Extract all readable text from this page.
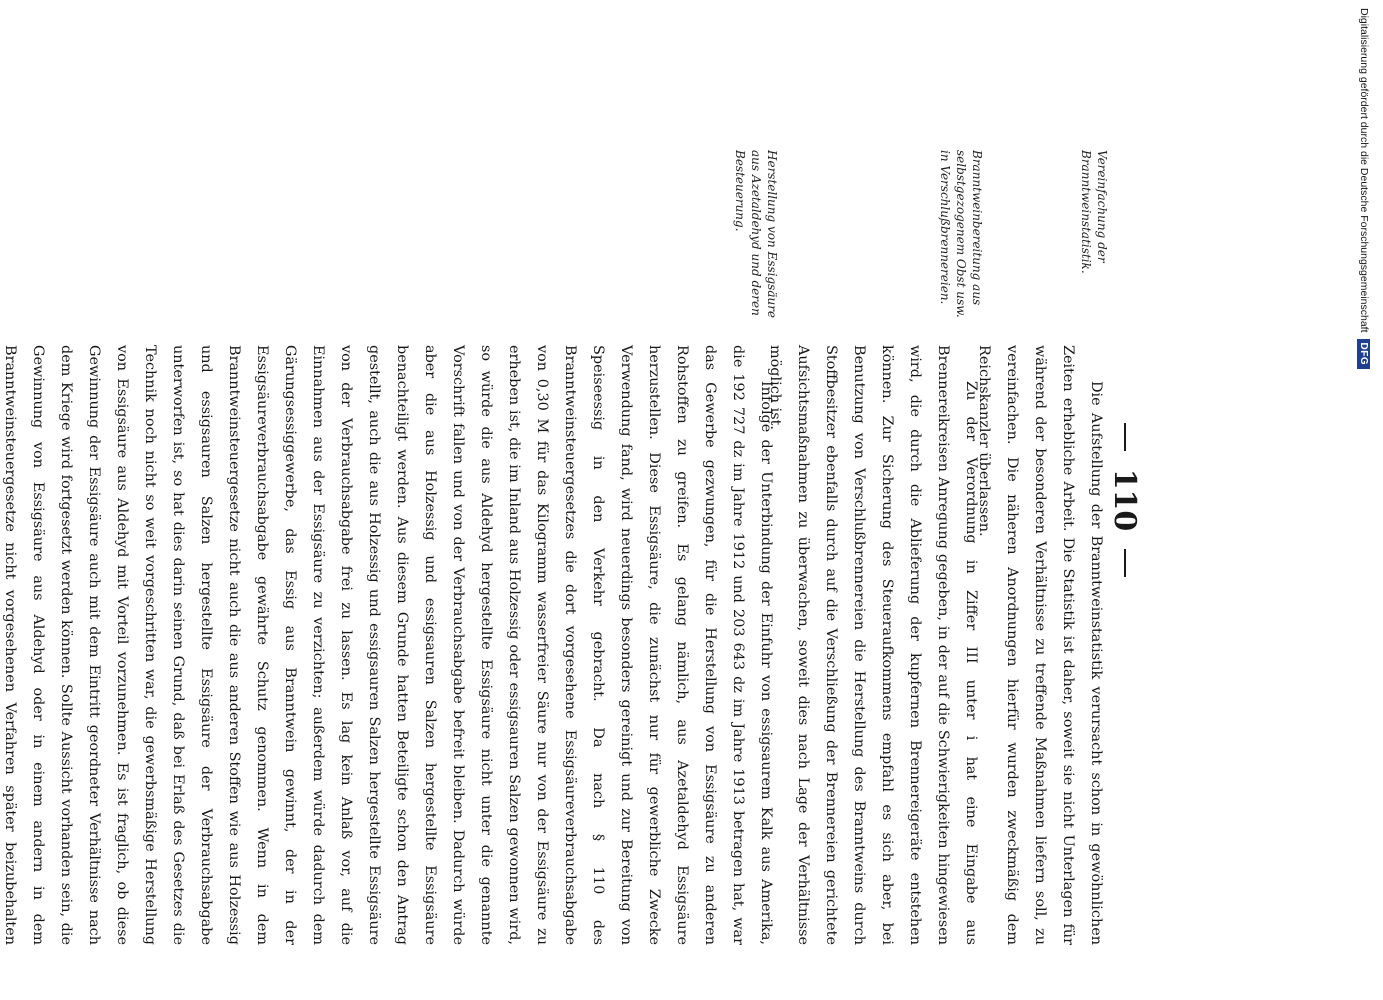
110
Vereinfachung der Branntweinstatistik.
Die Aufstellung der Branntweinstatistik verursacht schon in gewöhnlichen Zeiten erhebliche Arbeit. Die Statistik ist daher, soweit sie nicht Unterlagen für während der besonderen Verhältnisse zu treffende Maßnahmen liefern soll, zu vereinfachen. Die näheren Anordnungen hierfür wurden zweckmäßig dem Reichskanzler überlassen.
Branntweinbereitung aus selbstgezogenem Obst usw. in Verschlußbrennereien.
Zu der Verordnung in Ziffer III unter i hat eine Eingabe aus Brennereikreisen Anregung gegeben, in der auf die Schwierigkeiten hingewiesen wird, die durch die Ablieferung der kupfernen Brennereigeräte entstehen können. Zur Sicherung des Steueraufkommens empfahl es sich aber, bei Benutzung von Verschlußbrennereien die Herstellung des Branntweins durch Stoffbesitzer ebenfalls durch auf die Verschließung der Brennereien gerichtete Aufsichtsmaßnahmen zu überwachen, soweit dies nach Lage der Verhältnisse möglich ist.
Herstellung von Essigsäure aus Azetaldehyd und deren Besteuerung.
Infolge der Unterbindung der Einfuhr von essigsaurem Kalk aus Amerika, die 192 727 dz im Jahre 1912 und 203 643 dz im Jahre 1913 betragen hat, war das Gewerbe gezwungen, für die Herstellung von Essigsäure zu anderen Rohstoffen zu greifen. Es gelang nämlich, aus Azetaldehyd Essigsäure herzustellen. Diese Essigsäure, die zunächst nur für gewerbliche Zwecke Verwendung fand, wird neuerdings besonders gereinigt und zur Bereitung von Speiseessig in den Verkehr gebracht. Da nach § 110 des Branntweinsteuergesetzes die dort vorgesehene Essigsäureverbrauchsabgabe von 0,30 M für das Kilogramm wasserfreier Säure nur von der Essigsäure zu erheben ist, die im Inland aus Holzessig oder essigsauren Salzen gewonnen wird, so würde die aus Aldehyd hergestellte Essigsäure nicht unter die genannte Vorschrift fallen und von der Verbrauchsabgabe befreit bleiben. Dadurch würde aber die aus Holzessig und essigsauren Salzen hergestellte Essigsäure benachteiligt werden. Aus diesem Grunde hatten Beteiligte schon den Antrag gestellt, auch die aus Holzessig und essigsauren Salzen hergestellte Essigsäure von der Verbrauchsabgabe frei zu lassen. Es lag kein Anlaß vor, auf die Einnahmen aus der Essigsäure zu verzichten; außerdem würde dadurch dem Gärungsessiggewerbe, das Essig aus Branntwein gewinnt, der in der Essigsäureverbrauchsabgabe gewährte Schutz genommen. Wenn in dem Branntweinsteuergesetze nicht auch die aus anderen Stoffen wie aus Holzessig und essigsauren Salzen hergestellte Essigsäure der Verbrauchsabgabe unterworfen ist, so hat dies darin seinen Grund, daß bei Erlaß des Gesetzes die Technik noch nicht so weit vorgeschritten war, die gewerbsmäßige Herstellung von Essigsäure aus Aldehyd mit Vorteil vorzunehmen. Es ist fraglich, ob diese Gewinnung der Essigsäure auch mit dem Eintritt geordneter Verhältnisse nach dem Kriege wird fortgesetzt werden können. Sollte Aussicht vorhanden sein, die Gewinnung von Essigsäure aus Aldehyd oder in einem andern in dem Branntweinsteuergesetze nicht vorgesehenen Verfahren später beizubehalten
Digitalisierung gefördert durch die Deutsche Forschungsgemeinschaft
DFG
